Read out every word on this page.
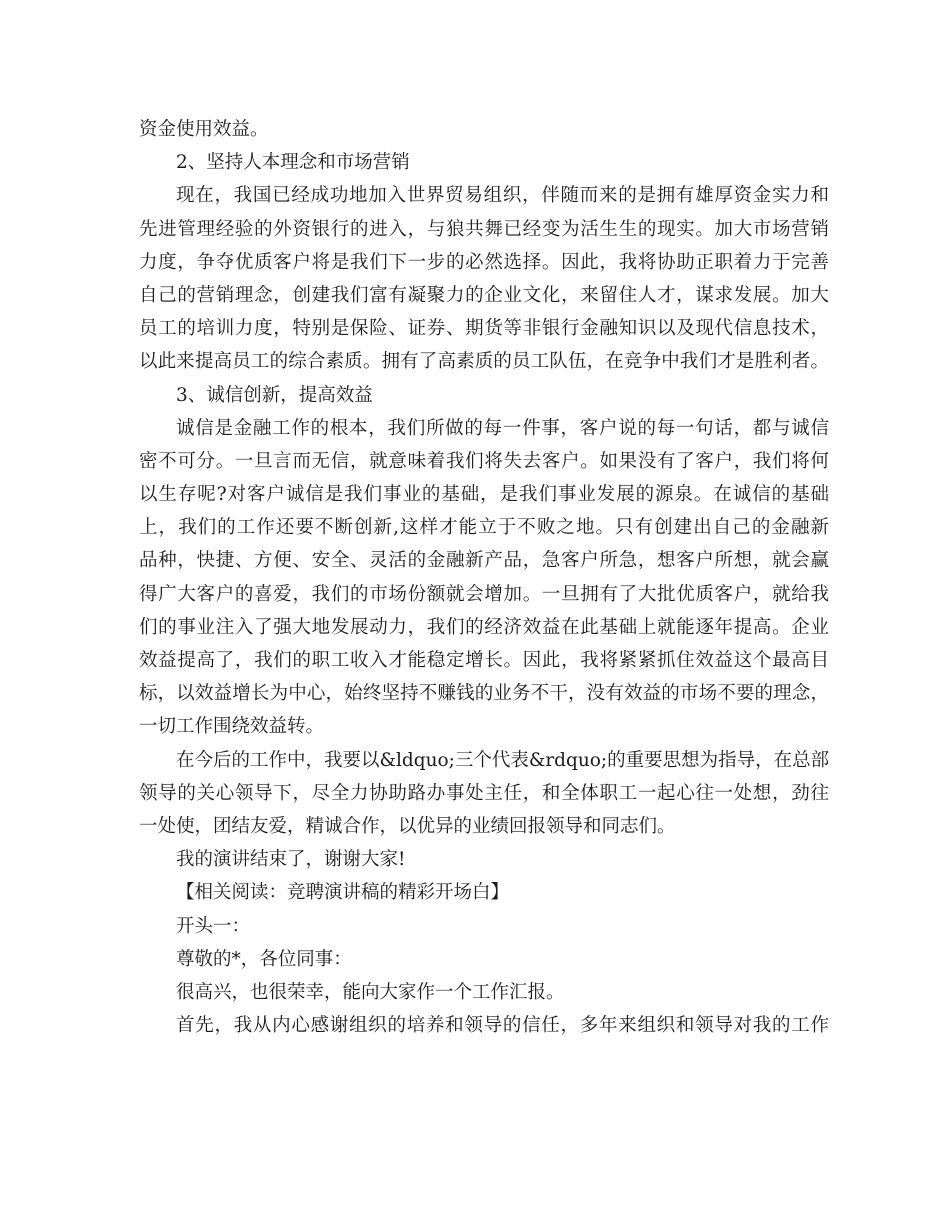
资金使用效益。
2、坚持人本理念和市场营销
现在，我国已经成功地加入世界贸易组织，伴随而来的是拥有雄厚资金实力和
先进管理经验的外资银行的进入，与狼共舞已经变为活生生的现实。加大市场营销
力度，争夺优质客户将是我们下一步的必然选择。因此，我将协助正职着力于完善
自己的营销理念，创建我们富有凝聚力的企业文化，来留住人才，谋求发展。加大
员工的培训力度，特别是保险、证券、期货等非银行金融知识以及现代信息技术，
以此来提高员工的综合素质。拥有了高素质的员工队伍，在竞争中我们才是胜利者。
3、诚信创新，提高效益
诚信是金融工作的根本，我们所做的每一件事，客户说的每一句话，都与诚信
密不可分。一旦言而无信，就意味着我们将失去客户。如果没有了客户，我们将何
以生存呢?对客户诚信是我们事业的基础，是我们事业发展的源泉。在诚信的基础
上，我们的工作还要不断创新,这样才能立于不败之地。只有创建出自己的金融新
品种，快捷、方便、安全、灵活的金融新产品，急客户所急，想客户所想，就会赢
得广大客户的喜爱，我们的市场份额就会增加。一旦拥有了大批优质客户，就给我
们的事业注入了强大地发展动力，我们的经济效益在此基础上就能逐年提高。企业
效益提高了，我们的职工收入才能稳定增长。因此，我将紧紧抓住效益这个最高目
标，以效益增长为中心，始终坚持不赚钱的业务不干，没有效益的市场不要的理念，
一切工作围绕效益转。
在今后的工作中，我要以&ldquo;三个代表&rdquo;的重要思想为指导，在总部
领导的关心领导下，尽全力协助路办事处主任，和全体职工一起心往一处想，劲往
一处使，团结友爱，精诚合作，以优异的业绩回报领导和同志们。
我的演讲结束了，谢谢大家!
【相关阅读：竞聘演讲稿的精彩开场白】
开头一：
尊敬的*，各位同事：
很高兴，也很荣幸，能向大家作一个工作汇报。
首先，我从内心感谢组织的培养和领导的信任，多年来组织和领导对我的工作
